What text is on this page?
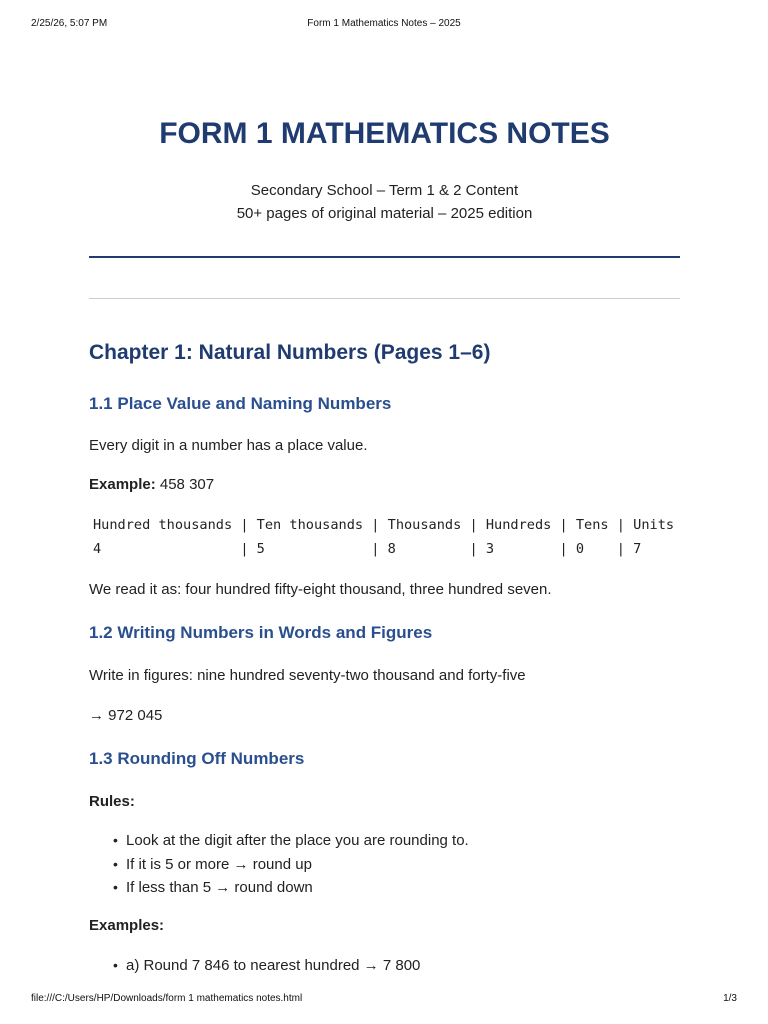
2/25/26, 5:07 PM	Form 1 Mathematics Notes – 2025
FORM 1 MATHEMATICS NOTES
Secondary School – Term 1 & 2 Content
50+ pages of original material – 2025 edition
Chapter 1: Natural Numbers (Pages 1–6)
1.1 Place Value and Naming Numbers

Every digit in a number has a place value.

Example: 458 307

Hundred thousands | Ten thousands | Thousands | Hundreds | Tens | Units
4                 | 5             | 8         | 3        | 0    | 7

We read it as: four hundred fifty-eight thousand, three hundred seven.

1.2 Writing Numbers in Words and Figures

Write in figures: nine hundred seventy-two thousand and forty-five

→ 972 045

1.3 Rounding Off Numbers

Rules:

• Look at the digit after the place you are rounding to.
• If it is 5 or more → round up
• If less than 5 → round down

Examples:

• a) Round 7 846 to nearest hundred → 7 800
file:///C:/Users/HP/Downloads/form 1 mathematics notes.html	1/3
